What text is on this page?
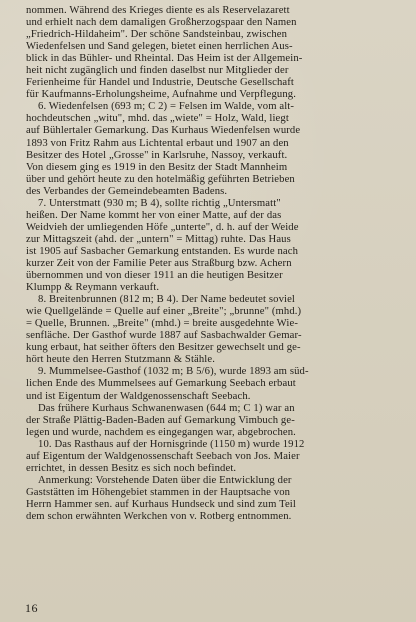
nommen. Während des Krieges diente es als Reservelazarett
und erhielt nach dem damaligen Großherzogspaar den Namen
„Friedrich-Hildaheim". Der schöne Sandsteinbau, zwischen
Wiedenfelsen und Sand gelegen, bietet einen herrlichen Aus-
blick in das Bühler- und Rheintal. Das Heim ist der Allgemein-
heit nicht zugänglich und finden daselbst nur Mitglieder der
Ferienheime für Handel und Industrie, Deutsche Gesellschaft
für Kaufmanns-Erholungsheime, Aufnahme und Verpflegung.
6. Wiedenfelsen (693 m; C 2) = Felsen im Walde, vom alt-
hochdeutschen „witu", mhd. das „wiete" = Holz, Wald, liegt
auf Bühlertaler Gemarkung. Das Kurhaus Wiedenfelsen wurde
1893 von Fritz Rahm aus Lichtental erbaut und 1907 an den
Besitzer des Hotel „Grosse" in Karlsruhe, Nassoy, verkauft.
Von diesem ging es 1919 in den Besitz der Stadt Mannheim
über und gehört heute zu den hotelmäßig geführten Betrieben
des Verbandes der Gemeindebeamten Badens.
7. Unterstmatt (930 m; B 4), sollte richtig „Untersmatt"
heißen. Der Name kommt her von einer Matte, auf der das
Weidvieh der umliegenden Höfe „unterte", d. h. auf der Weide
zur Mittagszeit (ahd. der „untern" = Mittag) ruhte. Das Haus
ist 1905 auf Sasbacher Gemarkung entstanden. Es wurde nach
kurzer Zeit von der Familie Peter aus Straßburg bzw. Achern
übernommen und von dieser 1911 an die heutigen Besitzer
Klumpp & Reymann verkauft.
8. Breitenbrunnen (812 m; B 4). Der Name bedeutet soviel
wie Quellgelände = Quelle auf einer „Breite"; „brunne" (mhd.)
= Quelle, Brunnen. „Breite" (mhd.) = breite ausgedehnte Wie-
senfläche. Der Gasthof wurde 1887 auf Sasbachwalder Gemar-
kung erbaut, hat seither öfters den Besitzer gewechselt und ge-
hört heute den Herren Stutzmann & Stähle.
9. Mummelsee-Gasthof (1032 m; B 5/6), wurde 1893 am süd-
lichen Ende des Mummelsees auf Gemarkung Seebach erbaut
und ist Eigentum der Waldgenossenschaft Seebach.
Das frühere Kurhaus Schwanenwasen (644 m; C 1) war an
der Straße Plättig-Baden-Baden auf Gemarkung Vimbuch ge-
legen und wurde, nachdem es eingegangen war, abgebrochen.
10. Das Rasthaus auf der Hornisgrinde (1150 m) wurde 1912
auf Eigentum der Waldgenossenschaft Seebach von Jos. Maier
errichtet, in dessen Besitz es sich noch befindet.
Anmerkung: Vorstehende Daten über die Entwicklung der
Gaststätten im Höhengebiet stammen in der Hauptsache von
Herrn Hammer sen. auf Kurhaus Hundseck und sind zum Teil
dem schon erwähnten Werkchen von v. Rotberg entnommen.
16
